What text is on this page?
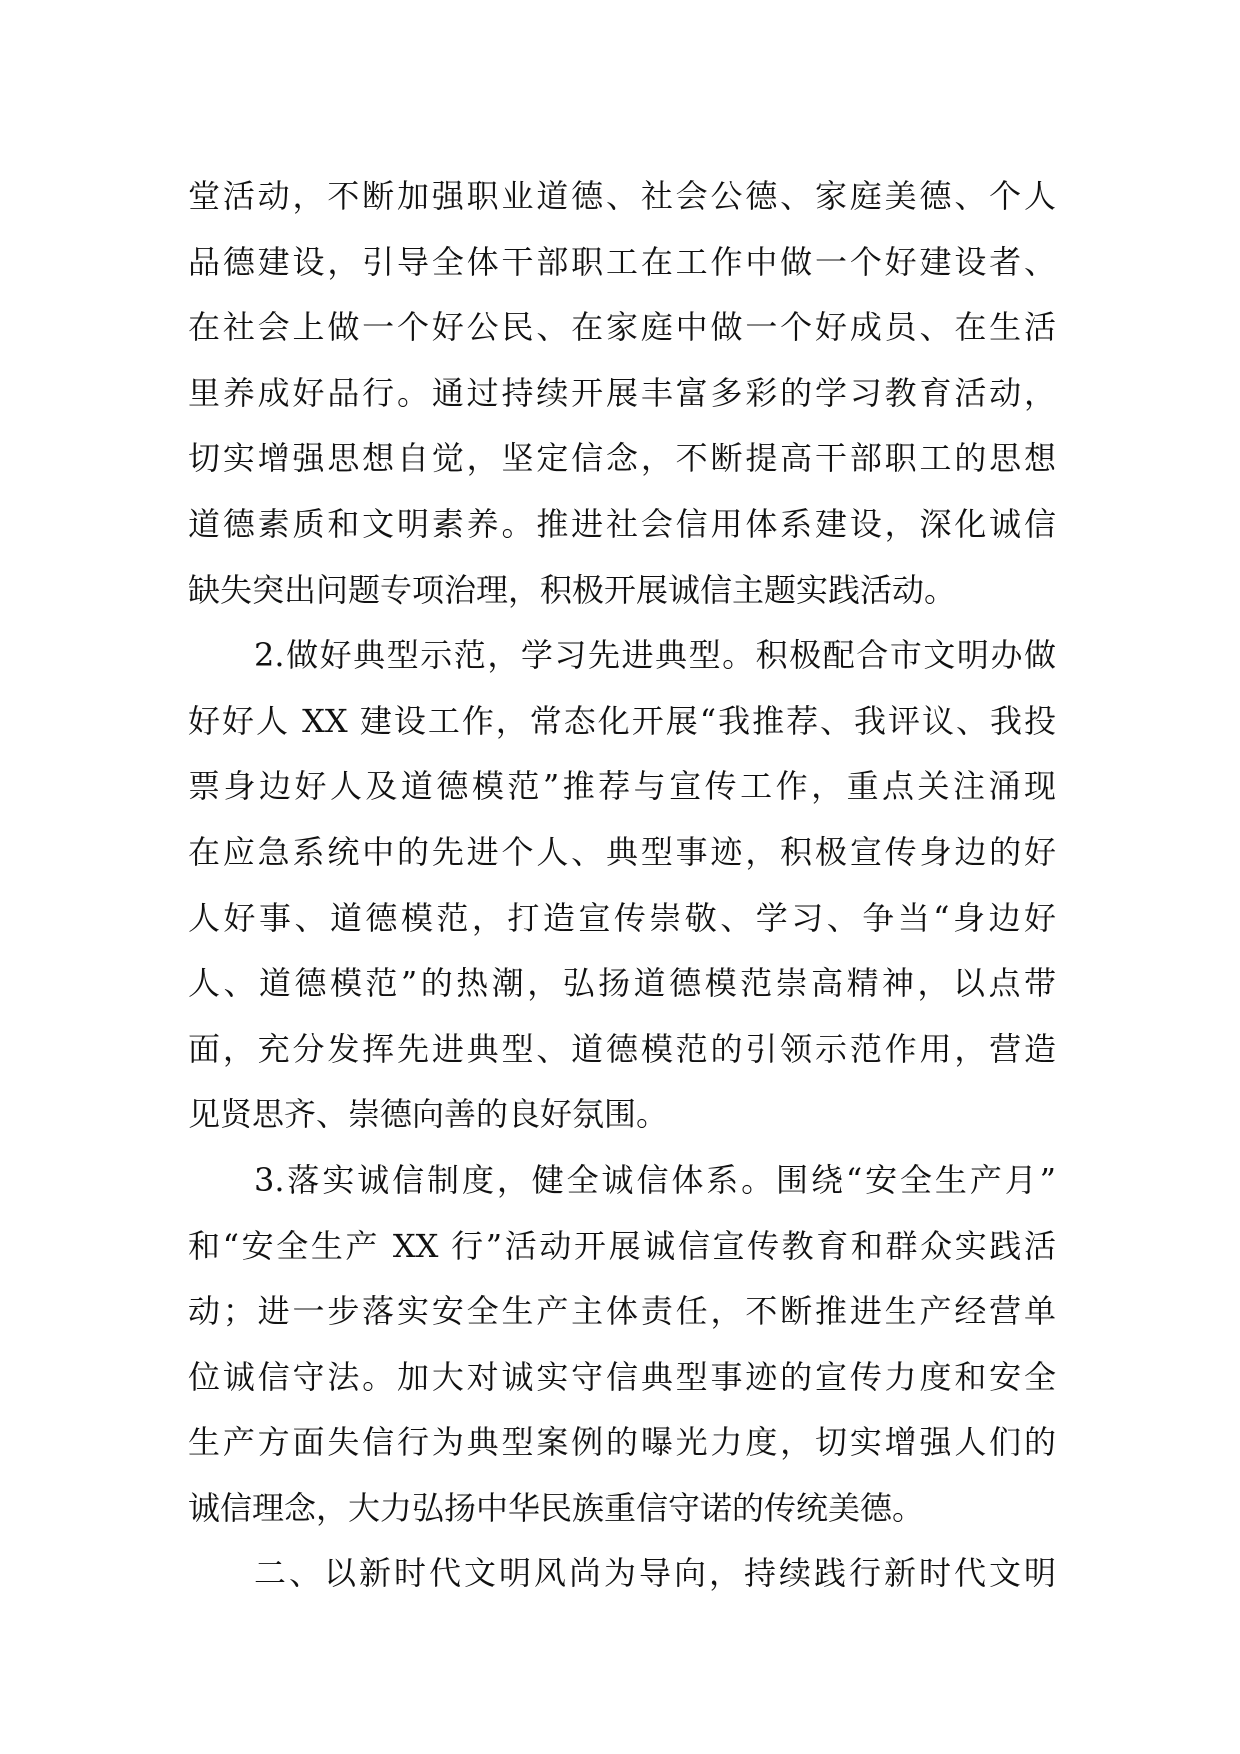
堂活动，不断加强职业道德、社会公德、家庭美德、个人
品德建设，引导全体干部职工在工作中做一个好建设者、
在社会上做一个好公民、在家庭中做一个好成员、在生活
里养成好品行。通过持续开展丰富多彩的学习教育活动，
切实增强思想自觉，坚定信念，不断提高干部职工的思想
道德素质和文明素养。推进社会信用体系建设，深化诚信
缺失突出问题专项治理，积极开展诚信主题实践活动。
2.做好典型示范，学习先进典型。积极配合市文明办做
好好人 XX 建设工作，常态化开展“我推荐、我评议、我投
票身边好人及道德模范”推荐与宣传工作，重点关注涌现
在应急系统中的先进个人、典型事迹，积极宣传身边的好
人好事、道德模范，打造宣传崇敬、学习、争当“身边好
人、道德模范”的热潮，弘扬道德模范崇高精神，以点带
面，充分发挥先进典型、道德模范的引领示范作用，营造
见贤思齐、崇德向善的良好氛围。
3.落实诚信制度，健全诚信体系。围绕“安全生产月”
和“安全生产 XX 行”活动开展诚信宣传教育和群众实践活
动；进一步落实安全生产主体责任，不断推进生产经营单
位诚信守法。加大对诚实守信典型事迹的宣传力度和安全
生产方面失信行为典型案例的曝光力度，切实增强人们的
诚信理念，大力弘扬中华民族重信守诺的传统美德。
二、以新时代文明风尚为导向，持续践行新时代文明
